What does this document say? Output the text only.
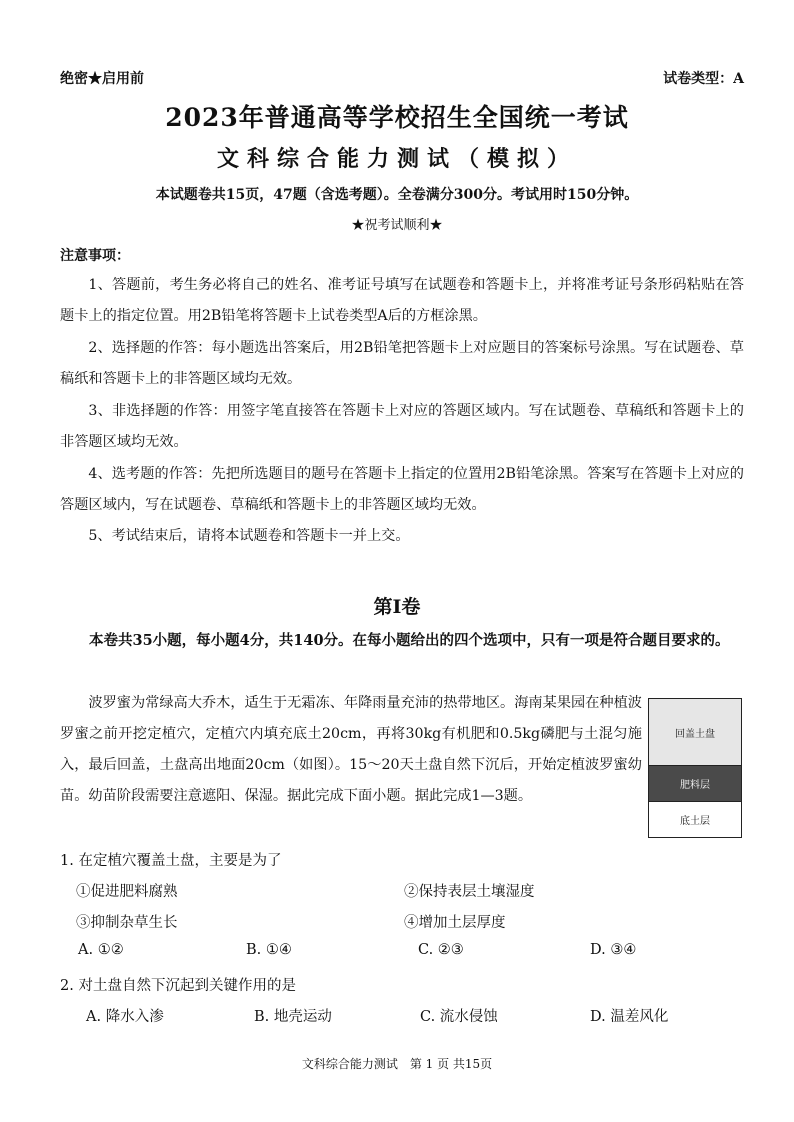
绝密★启用前	试卷类型：A
2023年普通高等学校招生全国统一考试
文科综合能力测试（模拟）
本试题卷共15页，47题（含选考题）。全卷满分300分。考试用时150分钟。
★祝考试顺利★
注意事项：
1、答题前，考生务必将自己的姓名、准考证号填写在试题卷和答题卡上，并将准考证号条形码粘贴在答题卡上的指定位置。用2B铅笔将答题卡上试卷类型A后的方框涂黑。
2、选择题的作答：每小题选出答案后，用2B铅笔把答题卡上对应题目的答案标号涂黑。写在试题卷、草稿纸和答题卡上的非答题区域均无效。
3、非选择题的作答：用签字笔直接答在答题卡上对应的答题区域内。写在试题卷、草稿纸和答题卡上的非答题区域均无效。
4、选考题的作答：先把所选题目的题号在答题卡上指定的位置用2B铅笔涂黑。答案写在答题卡上对应的答题区域内，写在试题卷、草稿纸和答题卡上的非答题区域均无效。
5、考试结束后，请将本试题卷和答题卡一并上交。
第Ⅰ卷
本卷共35小题，每小题4分，共140分。在每小题给出的四个选项中，只有一项是符合题目要求的。
波罗蜜为常绿高大乔木，适生于无霜冻、年降雨量充沛的热带地区。海南某果园在种植波罗蜜之前开挖定植穴，定植穴内填充底土20cm，再将30kg有机肥和0.5kg磷肥与土混匀施入，最后回盖，土盘高出地面20cm（如图）。15～20天土盘自然下沉后，开始定植波罗蜜幼苗。幼苗阶段需要注意遮阳、保湿。据此完成下面小题。据此完成1—3题。
回盖土盘
肥料层
底土层
1. 在定植穴覆盖土盘，主要是为了
①促进肥料腐熟	②保持表层土壤湿度
③抑制杂草生长	④增加土层厚度
A. ①②	B. ①④	C. ②③	D. ③④
2. 对土盘自然下沉起到关键作用的是
A. 降水入渗	B. 地壳运动	C. 流水侵蚀	D. 温差风化
文科综合能力测试　第 1 页 共15页
